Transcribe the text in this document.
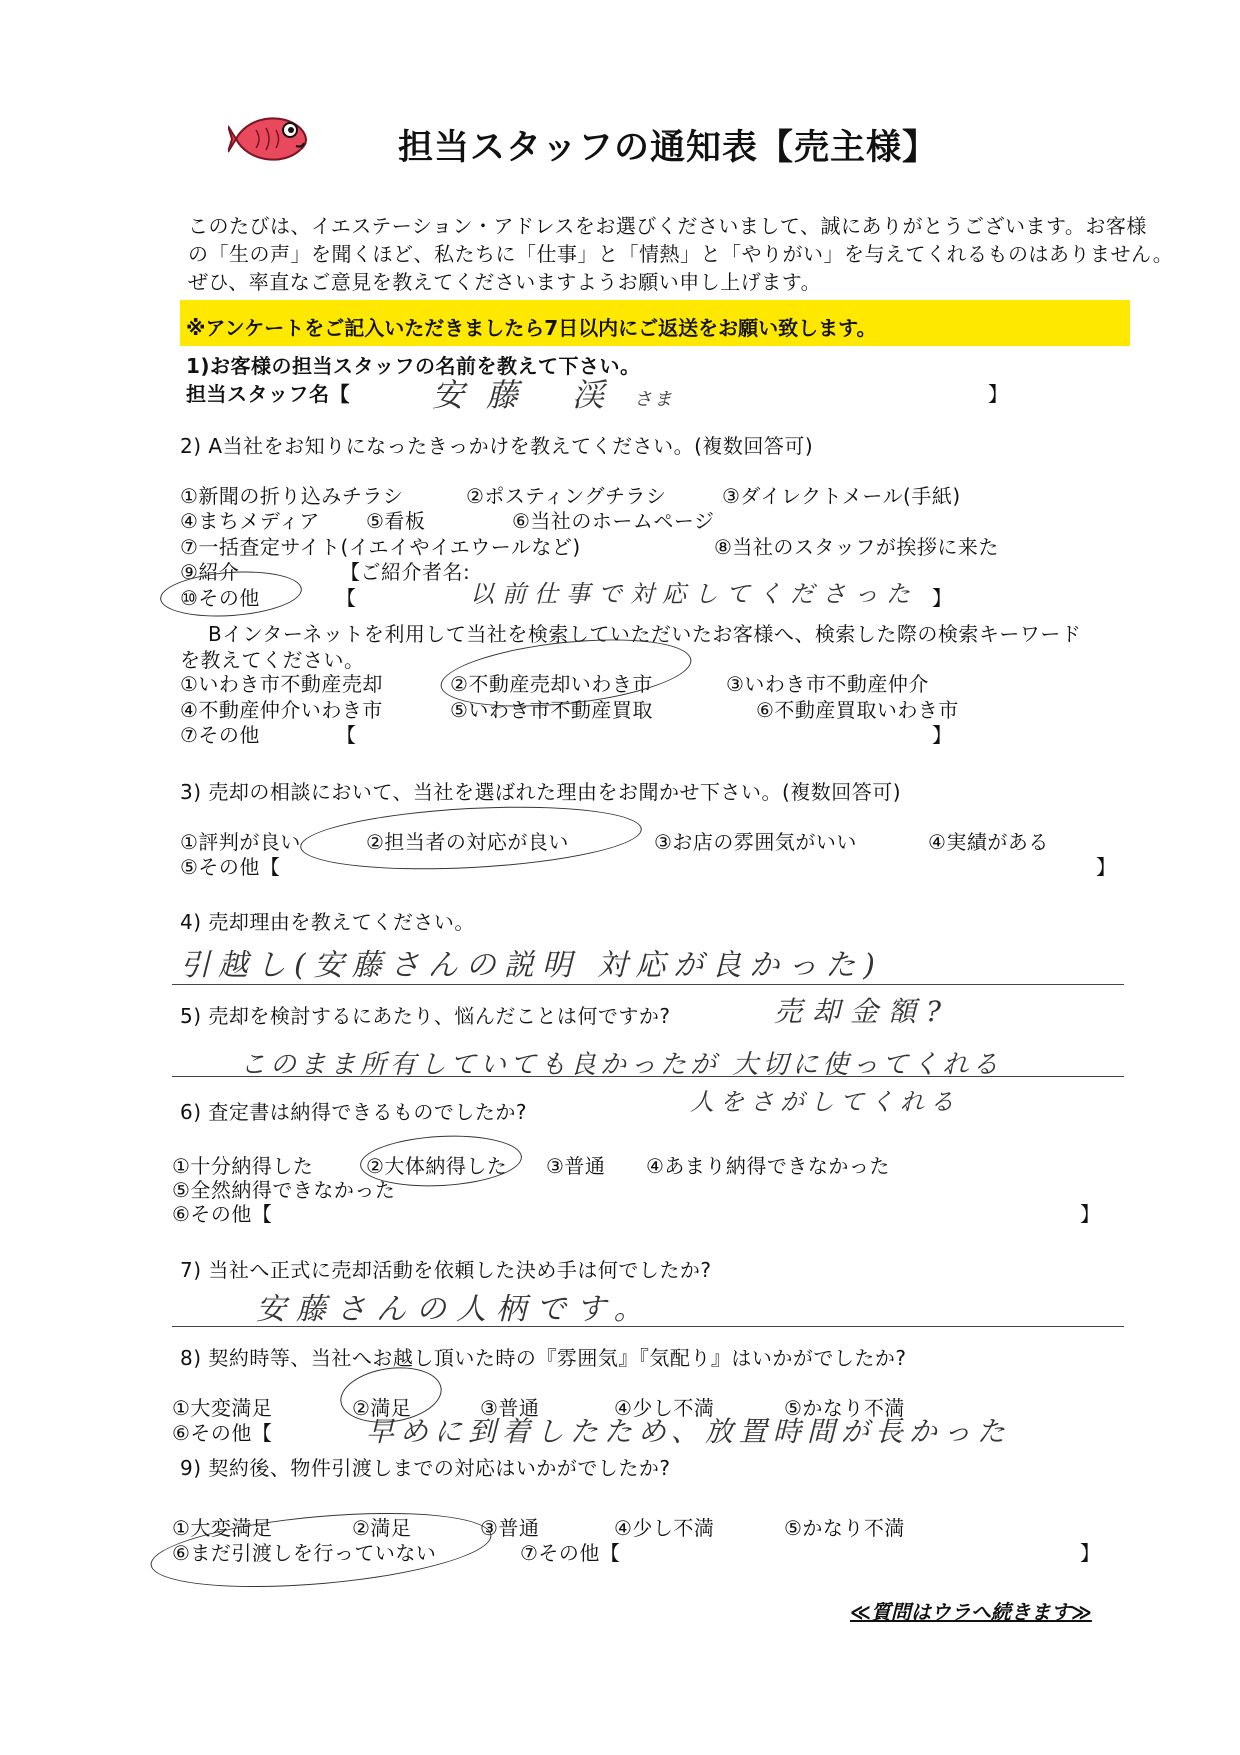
担当スタッフの通知表【売主様】
このたびは、イエステーション・アドレスをお選びくださいまして、誠にありがとうございます。お客様
の「生の声」を聞くほど、私たちに「仕事」と「情熱」と「やりがい」を与えてくれるものはありません。
ぜひ、率直なご意見を教えてくださいますようお願い申し上げます。
※アンケートをご記入いただきましたら7日以内にご返送をお願い致します。
1)お客様の担当スタッフの名前を教えて下さい。
担当スタッフ名【	安藤 渓 さま	】
2) A当社をお知りになったきっかけを教えてください。(複数回答可)
①新聞の折り込みチラシ	②ポスティングチラシ	③ダイレクトメール(手紙)
④まちメディア ⑤看板	⑥当社のホームページ
⑦一括査定サイト(イエイやイエウールなど)	⑧当社のスタッフが挨拶に来た
⑨紹介	【ご紹介者名:
⑩その他	【	以前仕事で対応してくださった 】
Bインターネットを利用して当社を検索していただいたお客様へ、検索した際の検索キーワード
を教えてください。
①いわき市不動産売却	②不動産売却いわき市	③いわき市不動産仲介
④不動産仲介いわき市	⑤いわき市不動産買取	⑥不動産買取いわき市
⑦その他	【	】
3) 売却の相談において、当社を選ばれた理由をお聞かせ下さい。(複数回答可)
①評判が良い	②担当者の対応が良い	③お店の雰囲気がいい	④実績がある
⑤その他【	】
4) 売却理由を教えてください。
引越し(安藤さんの説明 対応が良かった)
5) 売却を検討するにあたり、悩んだことは何ですか?	売却金額?
このまま所有していても良かったが 大切に使ってくれる
人をさがしてくれる
6) 査定書は納得できるものでしたか?
①十分納得した	②大体納得した ③普通 ④あまり納得できなかった
⑤全然納得できなかった
⑥その他【	】
7) 当社へ正式に売却活動を依頼した決め手は何でしたか?
安藤さんの人柄です。
8) 契約時等、当社へお越し頂いた時の『雰囲気』『気配り』はいかがでしたか?
①大変満足	②満足	③普通	④少し不満	⑤かなり不満
⑥その他【	早めに到着したため、放置時間が長かった
9) 契約後、物件引渡しまでの対応はいかがでしたか?
①大変満足	②満足	③普通	④少し不満	⑤かなり不満
⑥まだ引渡しを行っていない	⑦その他【	】
≪質問はウラへ続きます≫
